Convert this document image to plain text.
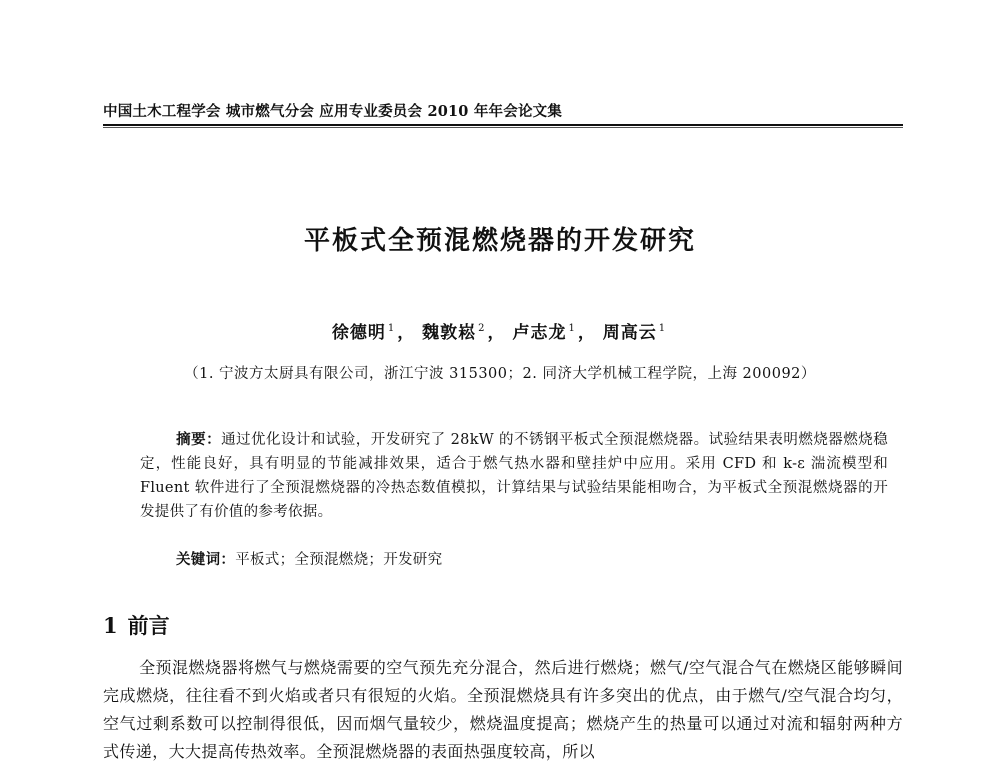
中国土木工程学会 城市燃气分会 应用专业委员会 2010 年年会论文集
平板式全预混燃烧器的开发研究
徐德明 $^1$ ， 魏敦崧 $^2$ ， 卢志龙 $^1$ ， 周高云 $^1$
（1. 宁波方太厨具有限公司，浙江宁波 315300；2. 同济大学机械工程学院，上海 200092）
摘要：通过优化设计和试验，开发研究了 28kW 的不锈钢平板式全预混燃烧器。试验结果表明燃烧器燃烧稳定，性能良好，具有明显的节能减排效果，适合于燃气热水器和壁挂炉中应用。采用 CFD 和 k-ε 湍流模型和 Fluent 软件进行了全预混燃烧器的冷热态数值模拟，计算结果与试验结果能相吻合，为平板式全预混燃烧器的开发提供了有价值的参考依据。
关键词：平板式；全预混燃烧；开发研究
1 前言
全预混燃烧器将燃气与燃烧需要的空气预先充分混合，然后进行燃烧；燃气/空气混合气在燃烧区能够瞬间完成燃烧，往往看不到火焰或者只有很短的火焰。全预混燃烧具有许多突出的优点，由于燃气/空气混合均匀，空气过剩系数可以控制得很低，因而烟气量较少，燃烧温度提高；燃烧产生的热量可以通过对流和辐射两种方式传递，大大提高传热效率。全预混燃烧器的表面热强度较高，所以
